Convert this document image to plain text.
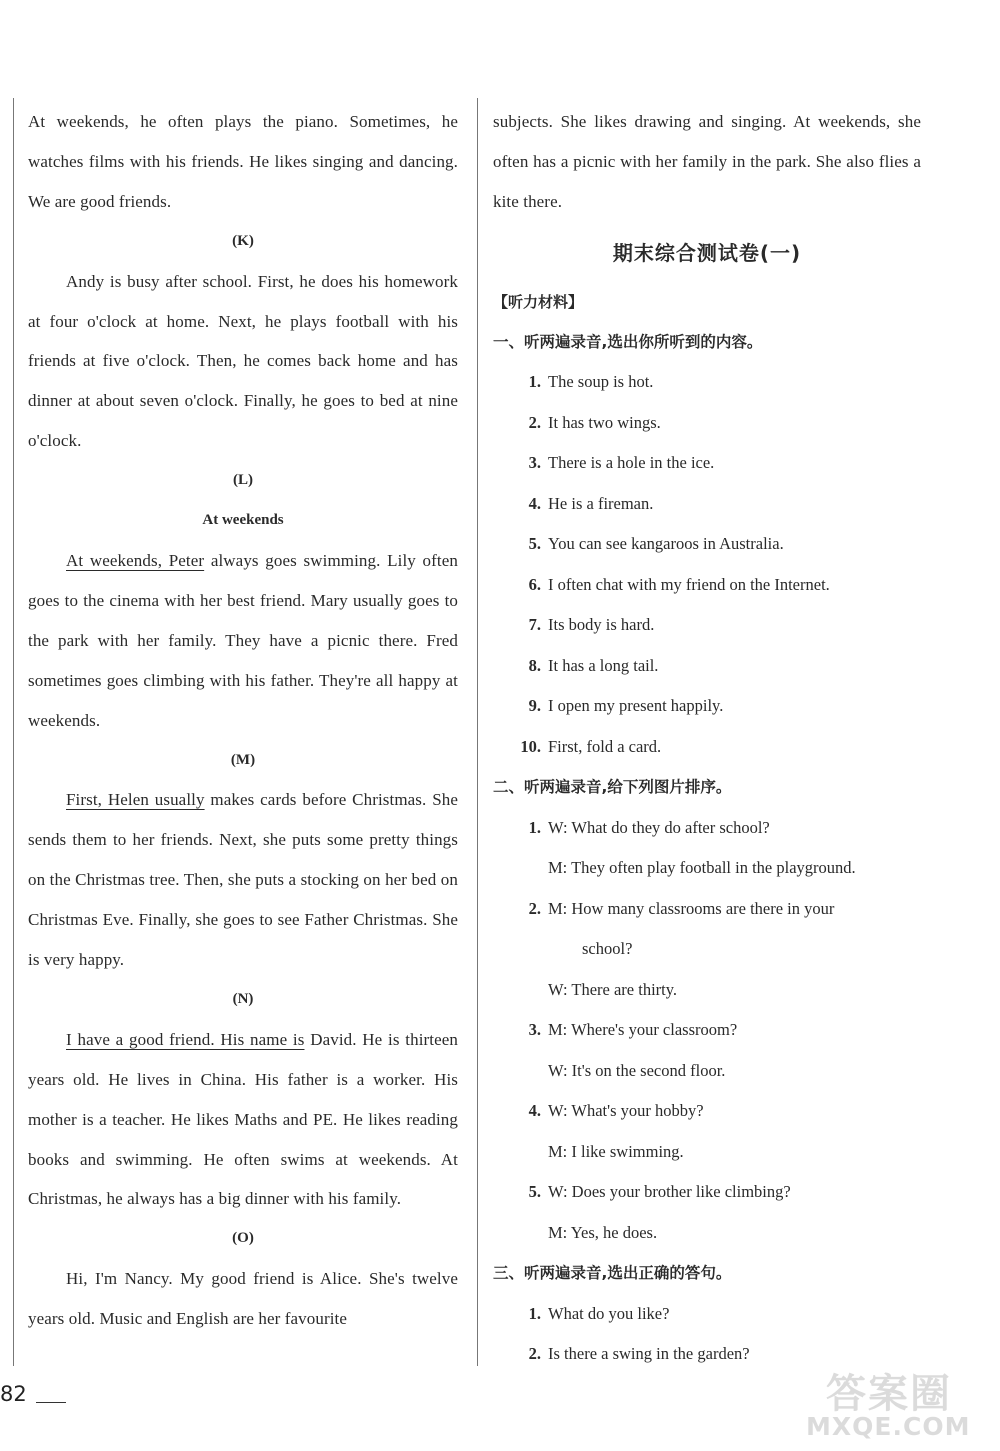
At weekends, he often plays the piano. Sometimes, he watches films with his friends. He likes singing and dancing. We are good friends.
(K)
Andy is busy after school. First, he does his homework at four o'clock at home. Next, he plays football with his friends at five o'clock. Then, he comes back home and has dinner at about seven o'clock. Finally, he goes to bed at nine o'clock.
(L)
At weekends
At weekends, Peter always goes swimming. Lily often goes to the cinema with her best friend. Mary usually goes to the park with her family. They have a picnic there. Fred sometimes goes climbing with his father. They're all happy at weekends.
(M)
First, Helen usually makes cards before Christmas. She sends them to her friends. Next, she puts some pretty things on the Christmas tree. Then, she puts a stocking on her bed on Christmas Eve. Finally, she goes to see Father Christmas. She is very happy.
(N)
I have a good friend. His name is David. He is thirteen years old. He lives in China. His father is a worker. His mother is a teacher. He likes Maths and PE. He likes reading books and swimming. He often swims at weekends. At Christmas, he always has a big dinner with his family.
(O)
Hi, I'm Nancy. My good friend is Alice. She's twelve years old. Music and English are her favourite
subjects. She likes drawing and singing. At weekends, she often has a picnic with her family in the park. She also flies a kite there.
期末综合测试卷(一)
【听力材料】
一、听两遍录音,选出你所听到的内容。
1. The soup is hot.
2. It has two wings.
3. There is a hole in the ice.
4. He is a fireman.
5. You can see kangaroos in Australia.
6. I often chat with my friend on the Internet.
7. Its body is hard.
8. It has a long tail.
9. I open my present happily.
10. First, fold a card.
二、听两遍录音,给下列图片排序。
1. W: What do they do after school?
M: They often play football in the playground.
2. M: How many classrooms are there in your
school?
W: There are thirty.
3. M: Where's your classroom?
W: It's on the second floor.
4. W: What's your hobby?
M: I like swimming.
5. W: Does your brother like climbing?
M: Yes, he does.
三、听两遍录音,选出正确的答句。
1. What do you like?
2. Is there a swing in the garden?
82	答案圈
MXQE.COM
